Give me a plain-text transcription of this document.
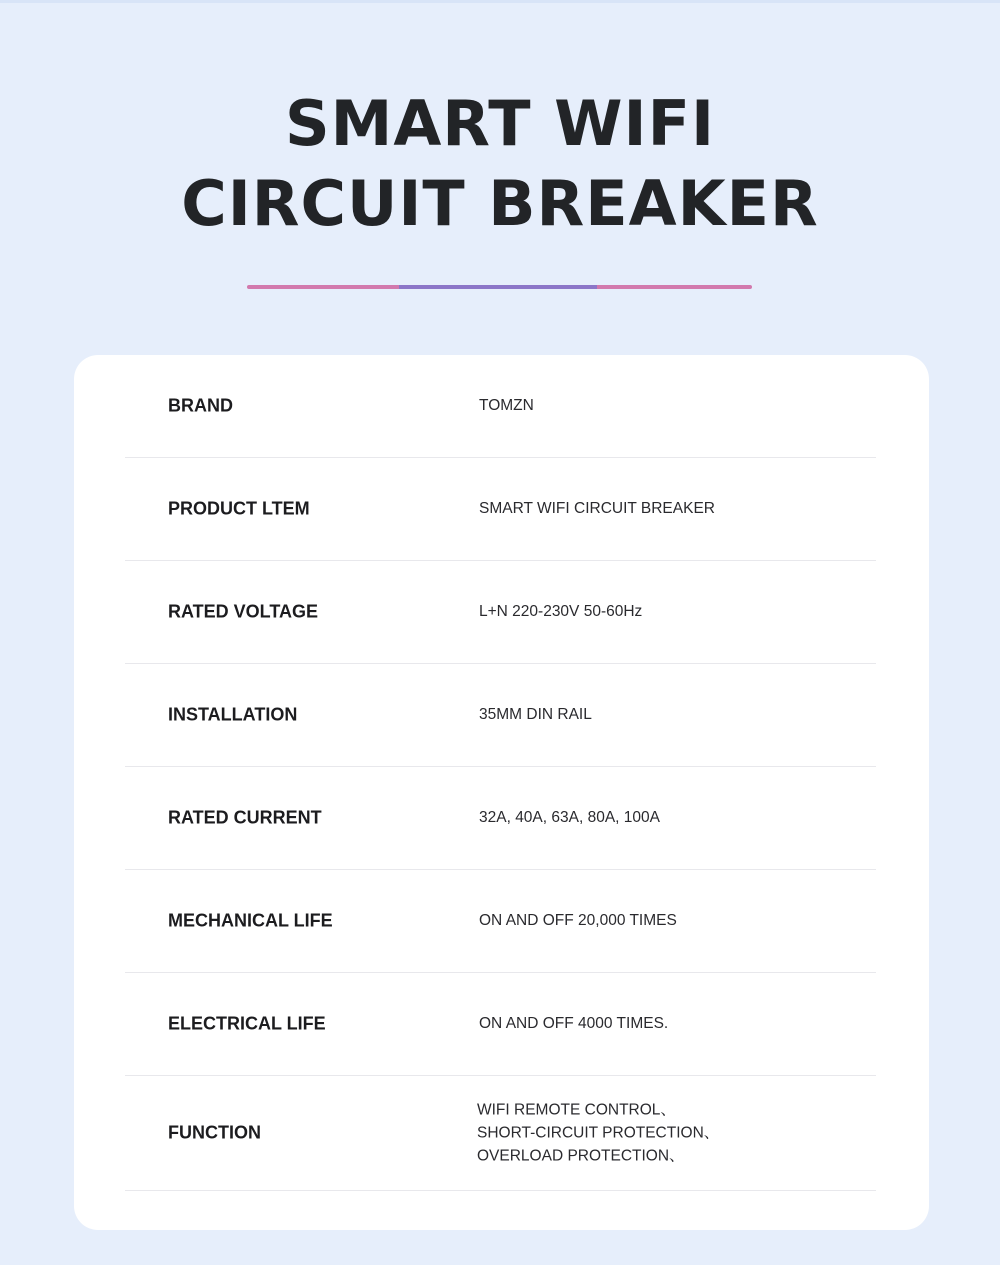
SMART WIFI
CIRCUIT BREAKER
BRAND	TOMZN
PRODUCT LTEM	SMART WIFI CIRCUIT BREAKER
RATED VOLTAGE	L+N 220-230V 50-60Hz
INSTALLATION	35MM DIN RAIL
RATED CURRENT	32A, 40A, 63A, 80A, 100A
MECHANICAL LIFE	ON AND OFF 20,000 TIMES
ELECTRICAL LIFE	ON AND OFF 4000 TIMES.
FUNCTION
WIFI REMOTE CONTROL、
SHORT-CIRCUIT PROTECTION、
OVERLOAD PROTECTION、
